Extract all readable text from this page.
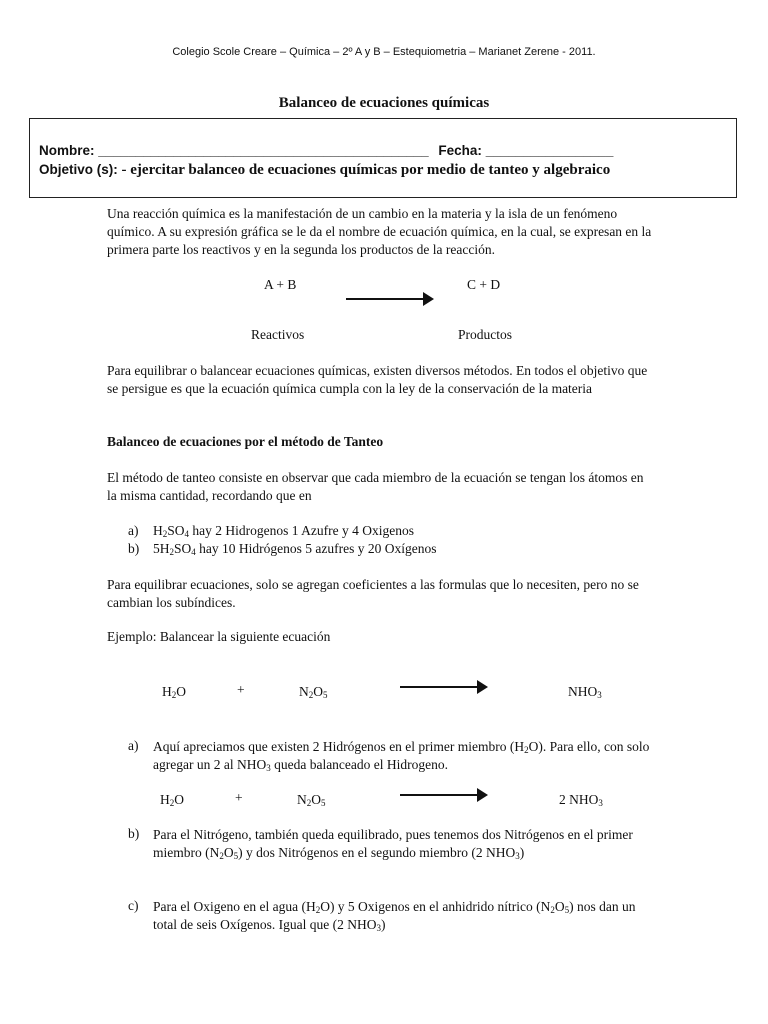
Colegio Scole Creare – Química – 2º A y B – Estequiometria – Marianet Zerene - 2011.
Balanceo de ecuaciones químicas
Nombre: ____________________________________________ Fecha: _________________
Objetivo (s): - ejercitar balanceo de ecuaciones químicas por medio de tanteo y algebraico
Una reacción química es la manifestación de un cambio en la materia y la isla de un fenómeno químico. A su expresión gráfica se le da el nombre de ecuación química, en la cual, se expresan en la primera parte los reactivos y en la segunda los productos de la reacción.
A + B	C + D
Reactivos	Productos
Para equilibrar o balancear ecuaciones químicas, existen diversos métodos. En todos el objetivo que se persigue es que la ecuación química cumpla con la ley de la conservación de la materia
Balanceo de ecuaciones por el método de Tanteo
El método de tanteo consiste en observar que cada miembro de la ecuación se tengan los átomos en la misma cantidad, recordando que en
a) $H_2SO_4$ hay 2 Hidrogenos 1 Azufre y 4 Oxigenos
b) $5H_2SO_4$ hay 10 Hidrógenos 5 azufres y 20 Oxígenos
Para equilibrar ecuaciones, solo se agregan coeficientes a las formulas que lo necesiten, pero no se cambian los subíndices.
Ejemplo: Balancear la siguiente ecuación
$H_2O$	+	$N_2O_5$	$NHO_3$
a) Aquí apreciamos que existen 2 Hidrógenos en el primer miembro $(H_2O)$. Para ello, con solo agregar un 2 al $NHO_3$ queda balanceado el Hidrogeno.
$H_2O$	+	$N_2O_5$	2 $NHO_3$
b) Para el Nitrógeno, también queda equilibrado, pues tenemos dos Nitrógenos en el primer miembro $(N_2O_5)$ y dos Nitrógenos en el segundo miembro (2 $NHO_3$)
c) Para el Oxigeno en el agua $(H_2O)$ y 5 Oxigenos en el anhidrido nítrico $(N_2O_5)$ nos dan un total de seis Oxígenos. Igual que (2 $NHO_3$)
